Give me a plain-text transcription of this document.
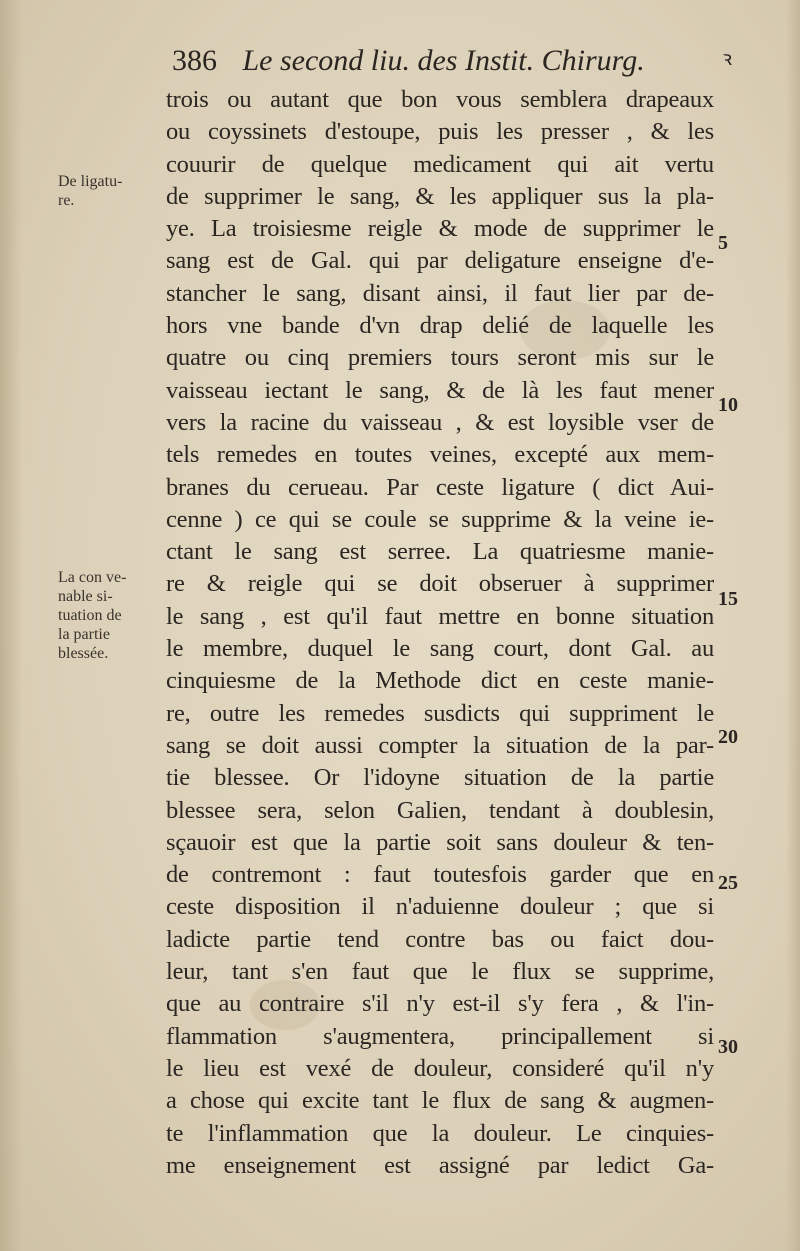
386 Le second liu. des Instit. Chirurg.	ꝛ
De ligatu-
re.
La con ve-
nable si-
tuation de
la partie
blessée.
5
10
15
20
25
30
trois ou autant que bon vous semblera drapeaux
ou coyssinets d'estoupe, puis les presser , & les
couurir de quelque medicament qui ait vertu
de supprimer le sang, & les appliquer sus la pla-
ye. La troisiesme reigle & mode de supprimer le
sang est de Gal. qui par deligature enseigne d'e-
stancher le sang, disant ainsi, il faut lier par de-
hors vne bande d'vn drap delié de laquelle les
quatre ou cinq premiers tours seront mis sur le
vaisseau iectant le sang, & de là les faut mener
vers la racine du vaisseau , & est loysible vser de
tels remedes en toutes veines, excepté aux mem-
branes du cerueau. Par ceste ligature ( dict Aui-
cenne ) ce qui se coule se supprime & la veine ie-
ctant le sang est serree. La quatriesme manie-
re & reigle qui se doit obseruer à supprimer
le sang , est qu'il faut mettre en bonne situation
le membre, duquel le sang court, dont Gal. au
cinquiesme de la Methode dict en ceste manie-
re, outre les remedes susdicts qui suppriment le
sang se doit aussi compter la situation de la par-
tie blessee. Or l'idoyne situation de la partie
blessee sera, selon Galien, tendant à doublesin,
sçauoir est que la partie soit sans douleur & ten-
de contremont : faut toutesfois garder que en
ceste disposition il n'aduienne douleur ; que si
ladicte partie tend contre bas ou faict dou-
leur, tant s'en faut que le flux se supprime,
que au contraire s'il n'y est-il s'y fera , & l'in-
flammation s'augmentera, principallement si
le lieu est vexé de douleur, consideré qu'il n'y
a chose qui excite tant le flux de sang & augmen-
te l'inflammation que la douleur. Le cinquies-
me enseignement est assigné par ledict Ga-
